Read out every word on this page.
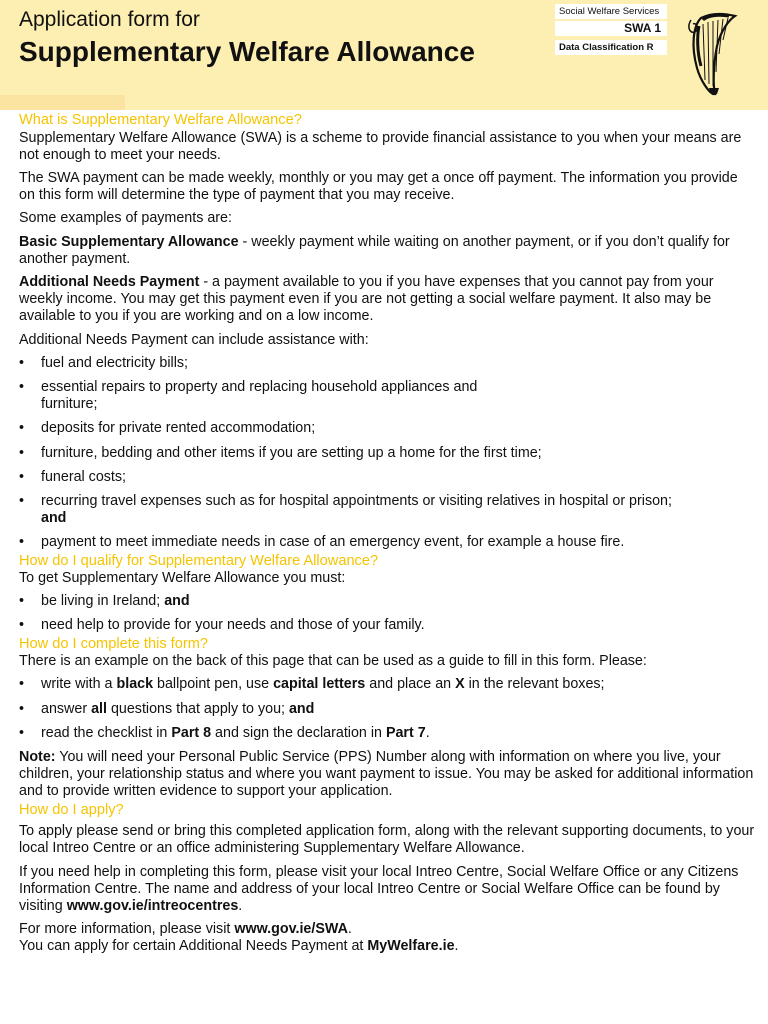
Application form for
Supplementary Welfare Allowance
Social Welfare Services
SWA 1
Data Classification R
What is Supplementary Welfare Allowance?

Supplementary Welfare Allowance (SWA) is a scheme to provide financial assistance to you when your means are not enough to meet your needs.

The SWA payment can be made weekly, monthly or you may get a once off payment. The information you provide on this form will determine the type of payment that you may receive.

Some examples of payments are:

Basic Supplementary Allowance - weekly payment while waiting on another payment, or if you don’t qualify for another payment.

Additional Needs Payment - a payment available to you if you have expenses that you cannot pay from your weekly income. You may get this payment even if you are not getting a social welfare payment. It also may be available to you if you are working and on a low income.

Additional Needs Payment can include assistance with:

• fuel and electricity bills;
• essential repairs to property and replacing household appliances and furniture;
• deposits for private rented accommodation;
• furniture, bedding and other items if you are setting up a home for the first time;
• funeral costs;
• recurring travel expenses such as for hospital appointments or visiting relatives in hospital or prison;
and
• payment to meet immediate needs in case of an emergency event, for example a house fire.
How do I qualify for Supplementary Welfare Allowance?

To get Supplementary Welfare Allowance you must:

• be living in Ireland; and
• need help to provide for your needs and those of your family.
How do I complete this form?

There is an example on the back of this page that can be used as a guide to fill in this form. Please:

• write with a black ballpoint pen, use capital letters and place an X in the relevant boxes;
• answer all questions that apply to you; and
• read the checklist in Part 8 and sign the declaration in Part 7.

Note: You will need your Personal Public Service (PPS) Number along with information on where you live, your children, your relationship status and where you want payment to issue. You may be asked for additional information and to provide written evidence to support your application.

How do I apply?

To apply please send or bring this completed application form, along with the relevant supporting documents, to your local Intreo Centre or an office administering Supplementary Welfare Allowance.

If you need help in completing this form, please visit your local Intreo Centre, Social Welfare Office or any Citizens Information Centre. The name and address of your local Intreo Centre or Social Welfare Office can be found by visiting www.gov.ie/intreocentres.

For more information, please visit www.gov.ie/SWA.

You can apply for certain Additional Needs Payment at MyWelfare.ie.
